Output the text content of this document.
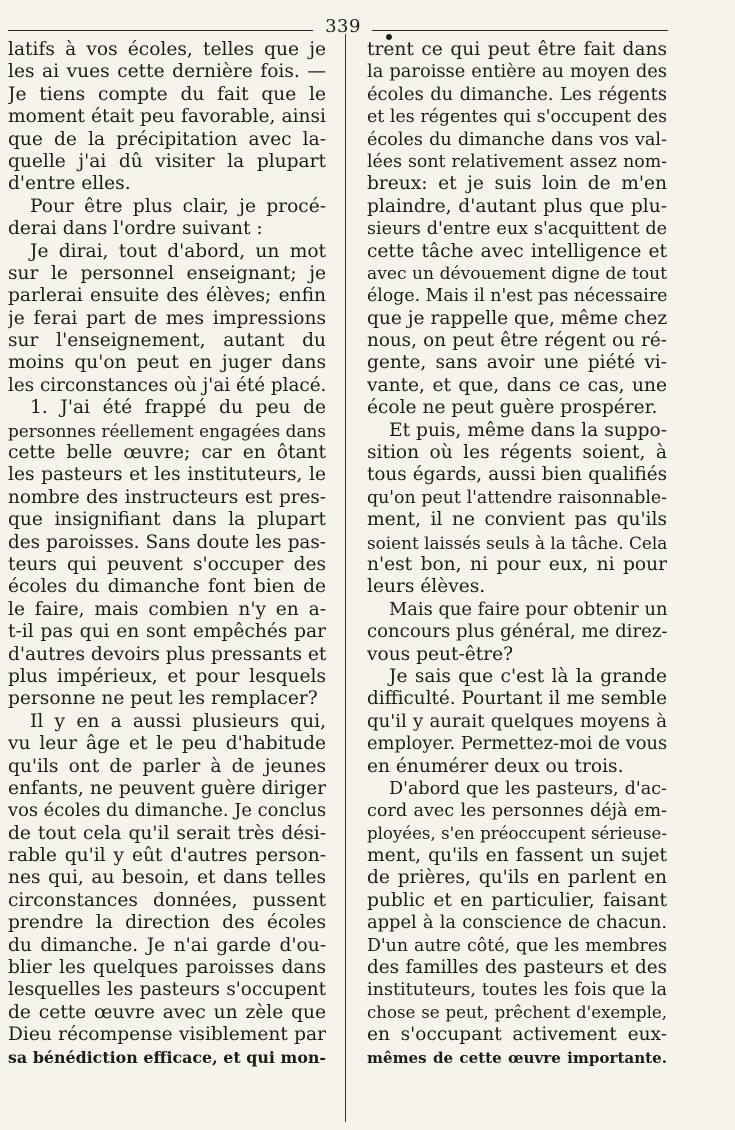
339
latifs à vos écoles, telles que je
les ai vues cette dernière fois. —
Je tiens compte du fait que le
moment était peu favorable, ainsi
que de la précipitation avec la-
quelle j'ai dû visiter la plupart
d'entre elles.
Pour être plus clair, je procé-
derai dans l'ordre suivant :
Je dirai, tout d'abord, un mot
sur le personnel enseignant; je
parlerai ensuite des élèves; enfin
je ferai part de mes impressions
sur l'enseignement, autant du
moins qu'on peut en juger dans
les circonstances où j'ai été placé.
1. J'ai été frappé du peu de
personnes réellement engagées dans
cette belle œuvre; car en ôtant
les pasteurs et les instituteurs, le
nombre des instructeurs est pres-
que insignifiant dans la plupart
des paroisses. Sans doute les pas-
teurs qui peuvent s'occuper des
écoles du dimanche font bien de
le faire, mais combien n'y en a-
t-il pas qui en sont empêchés par
d'autres devoirs plus pressants et
plus impérieux, et pour lesquels
personne ne peut les remplacer?
Il y en a aussi plusieurs qui,
vu leur âge et le peu d'habitude
qu'ils ont de parler à de jeunes
enfants, ne peuvent guère diriger
vos écoles du dimanche. Je conclus
de tout cela qu'il serait très dési-
rable qu'il y eût d'autres person-
nes qui, au besoin, et dans telles
circonstances données, pussent
prendre la direction des écoles
du dimanche. Je n'ai garde d'ou-
blier les quelques paroisses dans
lesquelles les pasteurs s'occupent
de cette œuvre avec un zèle que
Dieu récompense visiblement par
sa bénédiction efficace, et qui mon-
trent ce qui peut être fait dans
la paroisse entière au moyen des
écoles du dimanche. Les régents
et les régentes qui s'occupent des
écoles du dimanche dans vos val-
lées sont relativement assez nom-
breux: et je suis loin de m'en
plaindre, d'autant plus que plu-
sieurs d'entre eux s'acquittent de
cette tâche avec intelligence et
avec un dévouement digne de tout
éloge. Mais il n'est pas nécessaire
que je rappelle que, même chez
nous, on peut être régent ou ré-
gente, sans avoir une piété vi-
vante, et que, dans ce cas, une
école ne peut guère prospérer.
Et puis, même dans la suppo-
sition où les régents soient, à
tous égards, aussi bien qualifiés
qu'on peut l'attendre raisonnable-
ment, il ne convient pas qu'ils
soient laissés seuls à la tâche. Cela
n'est bon, ni pour eux, ni pour
leurs élèves.
Mais que faire pour obtenir un
concours plus général, me direz-
vous peut-être?
Je sais que c'est là la grande
difficulté. Pourtant il me semble
qu'il y aurait quelques moyens à
employer. Permettez-moi de vous
en énumérer deux ou trois.
D'abord que les pasteurs, d'ac-
cord avec les personnes déjà em-
ployées, s'en préoccupent sérieuse-
ment, qu'ils en fassent un sujet
de prières, qu'ils en parlent en
public et en particulier, faisant
appel à la conscience de chacun.
D'un autre côté, que les membres
des familles des pasteurs et des
instituteurs, toutes les fois que la
chose se peut, prêchent d'exemple,
en s'occupant activement eux-
mêmes de cette œuvre importante.
